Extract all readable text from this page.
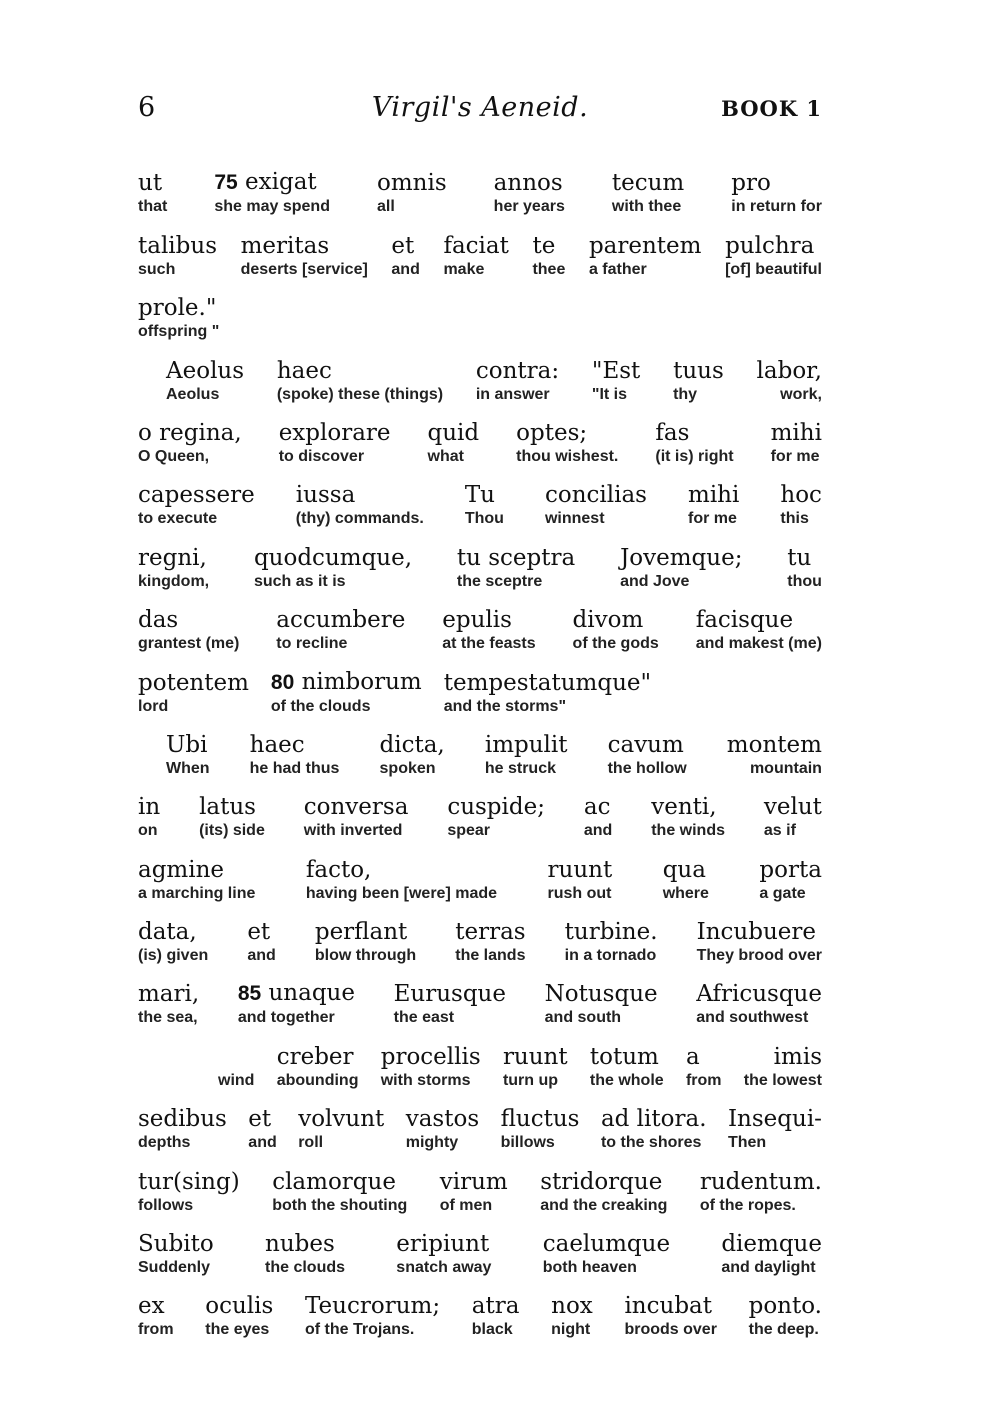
6	Virgil's Aeneid.	BOOK 1
ut
that
75 exigat
she may spend
omnis
all
annos
her years
tecum
with thee
pro
in return for
talibus
such
meritas
deserts [service]
et
and
faciat
make
te
thee
parentem
a father
pulchra
[of] beautiful
prole."
offspring "
Aeolus
Aeolus
haec
(spoke) these (things)
contra:
in answer
"Est
"It is
tuus
thy
labor,
work,
o regina,
O Queen,
explorare
to discover
quid
what
optes;
thou wishest.
fas
(it is) right
mihi
for me
capessere
to execute
iussa
(thy) commands.
Tu
Thou
concilias
winnest
mihi
for me
hoc
this
regni,
kingdom,
quodcumque,
such as it is
tu sceptra
the sceptre
Jovemque;
and Jove
tu
thou
das
grantest (me)
accumbere
to recline
epulis
at the feasts
divom
of the gods
facisque
and makest (me)
potentem
lord
80 nimborum
of the clouds
tempestatumque"
and the storms"
Ubi
When
haec
he had thus
dicta,
spoken
impulit
he struck
cavum
the hollow
montem
mountain
in
on
latus
(its) side
conversa
with inverted
cuspide;
spear
ac
and
venti,
the winds
velut
as if
agmine
a marching line
facto,
having been [were] made
ruunt
rush out
qua
where
porta
a gate
data,
(is) given
et
and
perflant
blow through
terras
the lands
turbine.
in a tornado
Incubuere
They brood over
mari,
the sea,
85 unaque
and together
Eurusque
the east
Notusque
and south
Africusque
and southwest

wind
creber
abounding
procellis
with storms
ruunt
turn up
totum
the whole
a
from
imis
the lowest
sedibus
depths
et
and
volvunt
roll
vastos
mighty
fluctus
billows
ad litora.
to the shores
Insequi-
Then
tur(sing)
follows
clamorque
both the shouting
virum
of men
stridorque
and the creaking
rudentum.
of the ropes.
Subito
Suddenly
nubes
the clouds
eripiunt
snatch away
caelumque
both heaven
diemque
and daylight
ex
from
oculis
the eyes
Teucrorum;
of the Trojans.
atra
black
nox
night
incubat
broods over
ponto.
the deep.
